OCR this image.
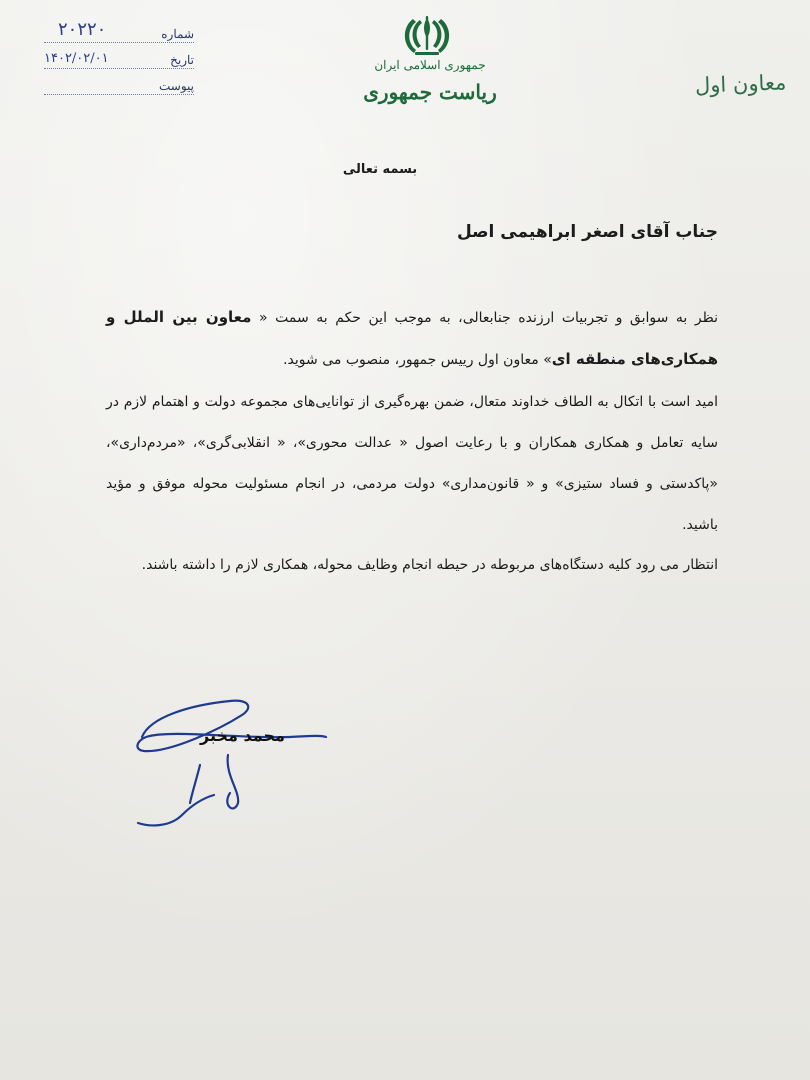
جمهوری اسلامی ایران
ریاست جمهوری	معاون اول
۲۰۲۲۰	شماره
۱۴۰۲/۰۲/۰۱	تاریخ
پیوست
بسمه تعالی
جناب آقای اصغر ابراهیمی اصل
نظر به سوابق و تجربیات ارزنده جنابعالی، به موجب این حکم به سمت « معاون بین الملل و همکاری‌های منطقه ای» معاون اول رییس جمهور، منصوب می شوید.
امید است با اتکال به الطاف خداوند متعال، ضمن بهره‌گیری از توانایی‌های مجموعه دولت و اهتمام لازم در سایه تعامل و همکاری همکاران و با رعایت اصول « عدالت محوری»، « انقلابی‌گری»، «مردم‌داری»، «پاکدستی و فساد ستیزی» و « قانون‌مداری» دولت مردمی، در انجام مسئولیت محوله موفق و مؤید باشید.
انتظار می رود کلیه دستگاه‌های مربوطه در حیطه انجام وظایف محوله، همکاری لازم را داشته باشند.
محمد مخبر
